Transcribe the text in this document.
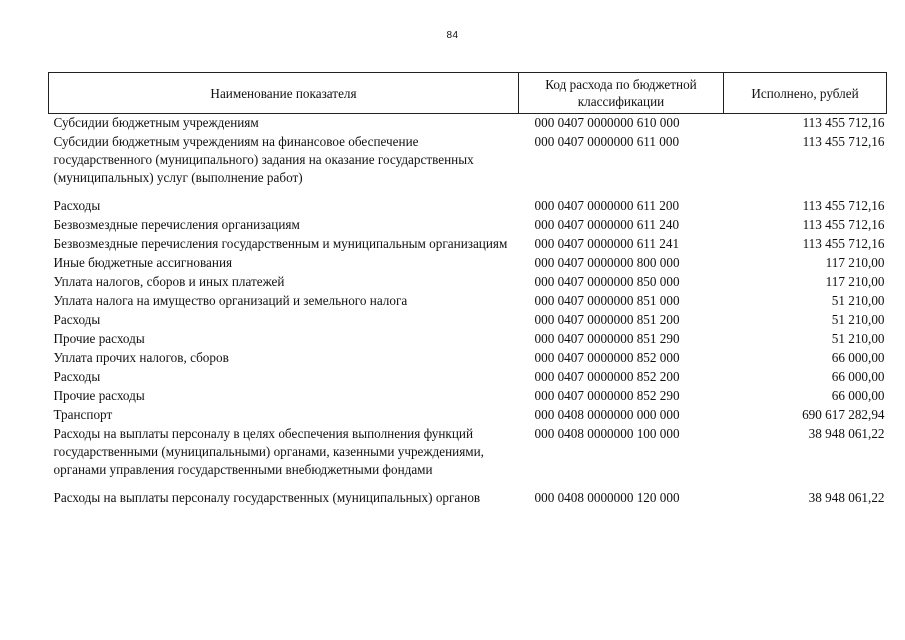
84
Наименование показателя	Код расхода по бюджетной классификации	Исполнено, рублей
Субсидии бюджетным учреждениям	000 0407 0000000 610 000	113 455 712,16
Субсидии бюджетным учреждениям на финансовое обеспечение государственного (муниципального) задания на оказание государственных (муниципальных) услуг (выполнение работ)	000 0407 0000000 611 000	113 455 712,16
Расходы	000 0407 0000000 611 200	113 455 712,16
Безвозмездные перечисления организациям	000 0407 0000000 611 240	113 455 712,16
Безвозмездные перечисления государственным и муниципальным организациям	000 0407 0000000 611 241	113 455 712,16
Иные бюджетные ассигнования	000 0407 0000000 800 000	117 210,00
Уплата налогов, сборов и иных платежей	000 0407 0000000 850 000	117 210,00
Уплата налога на имущество организаций и земельного налога	000 0407 0000000 851 000	51 210,00
Расходы	000 0407 0000000 851 200	51 210,00
Прочие расходы	000 0407 0000000 851 290	51 210,00
Уплата прочих налогов, сборов	000 0407 0000000 852 000	66 000,00
Расходы	000 0407 0000000 852 200	66 000,00
Прочие расходы	000 0407 0000000 852 290	66 000,00
Транспорт	000 0408 0000000 000 000	690 617 282,94
Расходы на выплаты персоналу в целях обеспечения выполнения функций государственными (муниципальными) органами, казенными учреждениями, органами управления государственными внебюджетными фондами	000 0408 0000000 100 000	38 948 061,22
Расходы на выплаты персоналу государственных (муниципальных) органов	000 0408 0000000 120 000	38 948 061,22
